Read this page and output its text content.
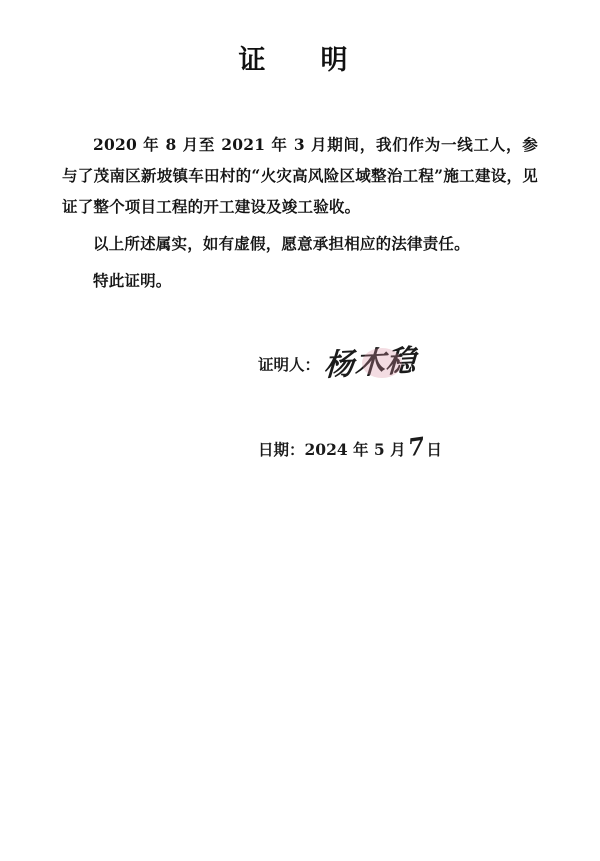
证　明

2020 年 8 月至 2021 年 3 月期间，我们作为一线工人，参与了茂南区新坡镇车田村的“火灾高风险区域整治工程”施工建设，见证了整个项目工程的开工建设及竣工验收。

以上所述属实，如有虚假，愿意承担相应的法律责任。

特此证明。

证明人：杨木稳
日期：2024 年 5 月7日
